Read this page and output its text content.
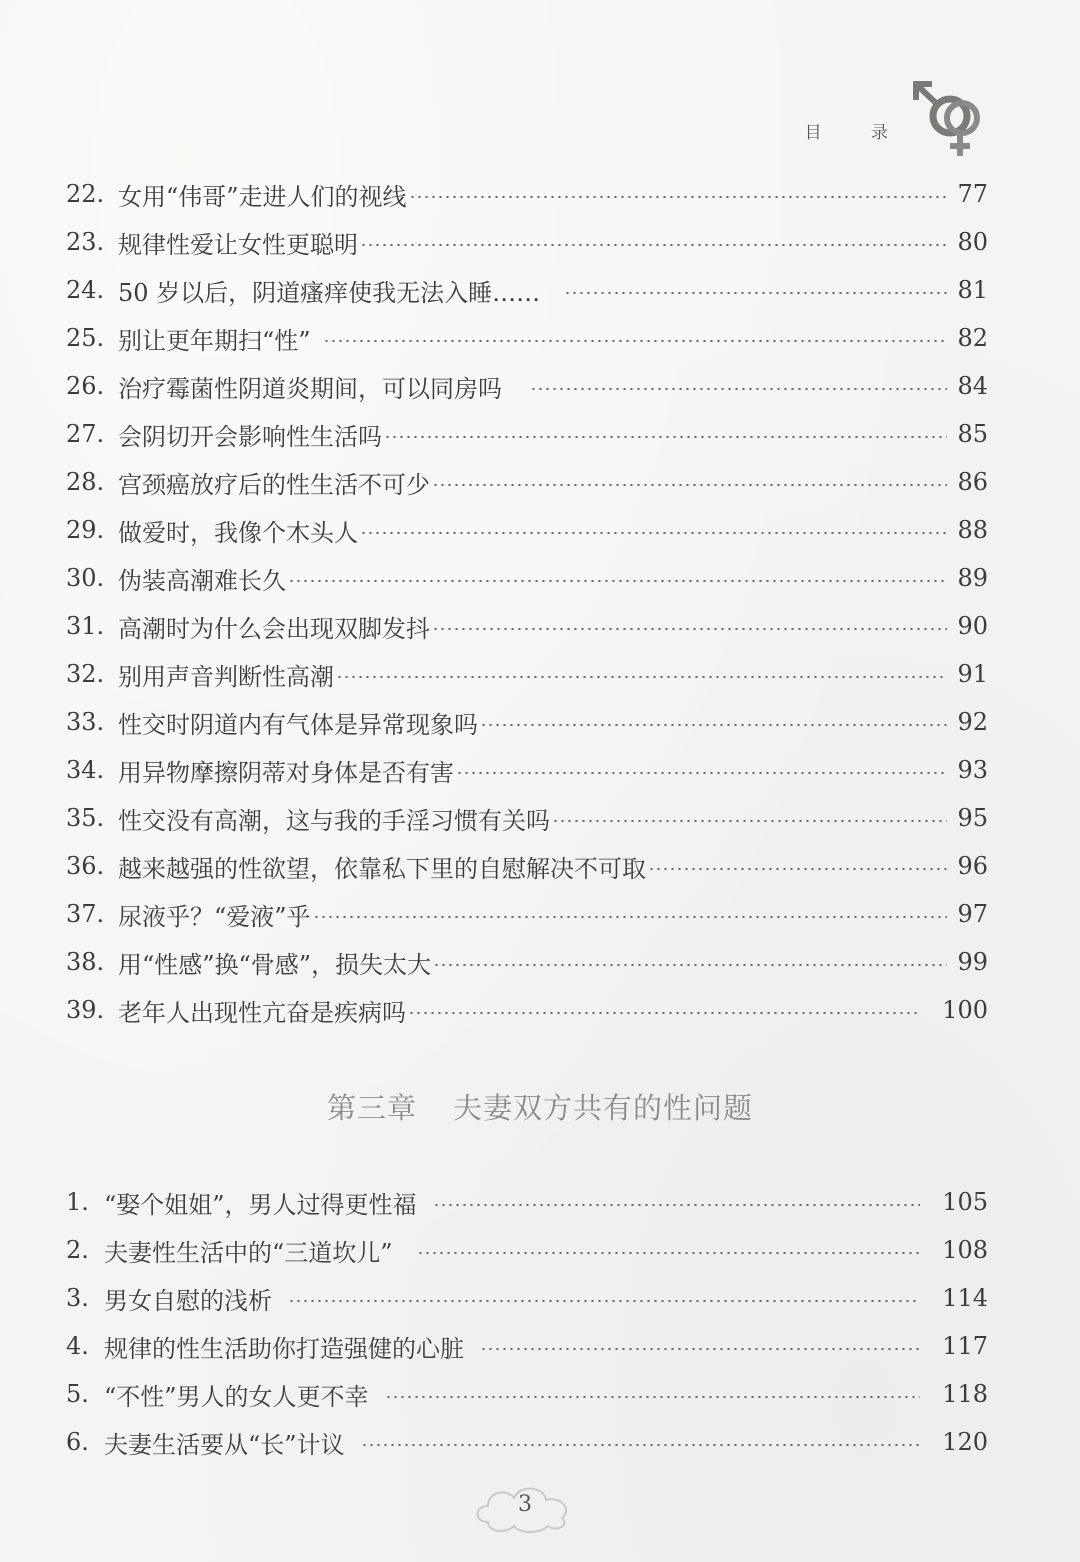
目 录
22. 女用“伟哥”走进人们的视线	77
23. 规律性爱让女性更聪明	80
24. 50 岁以后，阴道瘙痒使我无法入睡……	81
25. 别让更年期扫“性”	82
26. 治疗霉菌性阴道炎期间，可以同房吗	84
27. 会阴切开会影响性生活吗	85
28. 宫颈癌放疗后的性生活不可少	86
29. 做爱时，我像个木头人	88
30. 伪装高潮难长久	89
31. 高潮时为什么会出现双脚发抖	90
32. 别用声音判断性高潮	91
33. 性交时阴道内有气体是异常现象吗	92
34. 用异物摩擦阴蒂对身体是否有害	93
35. 性交没有高潮，这与我的手淫习惯有关吗	95
36. 越来越强的性欲望，依靠私下里的自慰解决不可取	96
37. 尿液乎？“爱液”乎	97
38. 用“性感”换“骨感”，损失太大	99
39. 老年人出现性亢奋是疾病吗	100
第三章 夫妻双方共有的性问题
1. “娶个姐姐”，男人过得更性福	105
2. 夫妻性生活中的“三道坎儿”	108
3. 男女自慰的浅析	114
4. 规律的性生活助你打造强健的心脏	117
5. “不性”男人的女人更不幸	118
6. 夫妻生活要从“长”计议	120
3
